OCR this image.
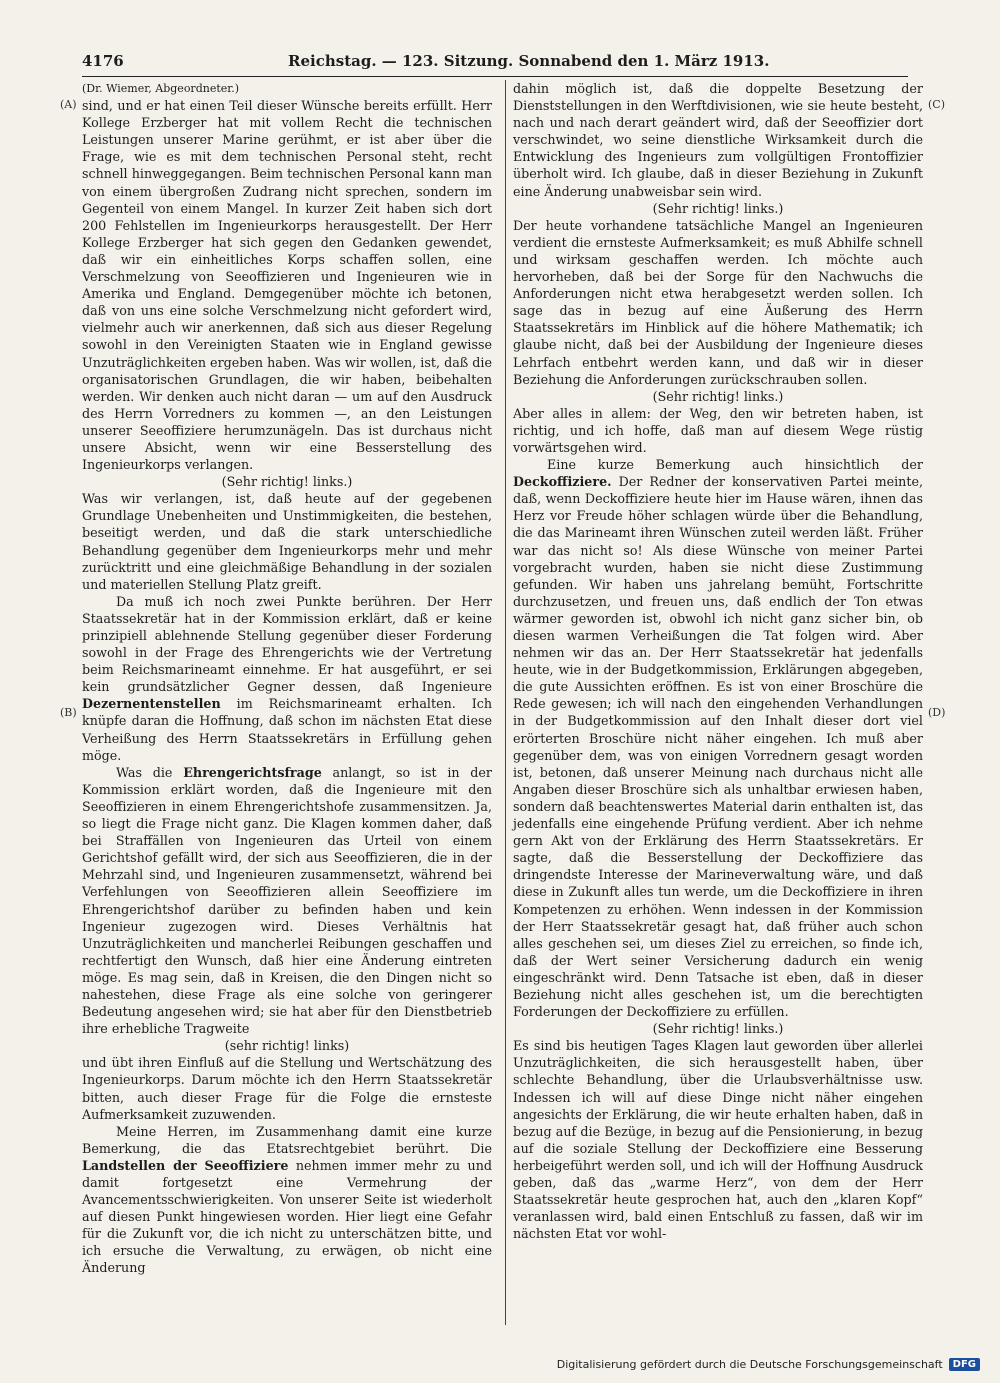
4176	Reichstag. — 123. Sitzung. Sonnabend den 1. März 1913.
(A)
(B)
(C)
(D)

(Dr. Wiemer, Abgeordneter.)

sind, und er hat einen Teil dieser Wünsche bereits erfüllt. Herr Kollege Erzberger hat mit vollem Recht die technischen Leistungen unserer Marine gerühmt, er ist aber über die Frage, wie es mit dem technischen Personal steht, recht schnell hinweggegangen. Beim technischen Personal kann man von einem übergroßen Zudrang nicht sprechen, sondern im Gegenteil von einem Mangel. In kurzer Zeit haben sich dort 200 Fehlstellen im Ingenieurkorps herausgestellt. Der Herr Kollege Erzberger hat sich gegen den Gedanken gewendet, daß wir ein einheitliches Korps schaffen sollen, eine Verschmelzung von Seeoffizieren und Ingenieuren wie in Amerika und England. Demgegenüber möchte ich betonen, daß von uns eine solche Verschmelzung nicht gefordert wird, vielmehr auch wir anerkennen, daß sich aus dieser Regelung sowohl in den Vereinigten Staaten wie in England gewisse Unzuträglichkeiten ergeben haben. Was wir wollen, ist, daß die organisatorischen Grundlagen, die wir haben, beibehalten werden. Wir denken auch nicht daran — um auf den Ausdruck des Herrn Vorredners zu kommen —, an den Leistungen unserer Seeoffiziere herumzunägeln. Das ist durchaus nicht unsere Absicht, wenn wir eine Besserstellung des Ingenieurkorps verlangen.

(Sehr richtig! links.)

Was wir verlangen, ist, daß heute auf der gegebenen Grundlage Unebenheiten und Unstimmigkeiten, die bestehen, beseitigt werden, und daß die stark unterschiedliche Behandlung gegenüber dem Ingenieurkorps mehr und mehr zurücktritt und eine gleichmäßige Behandlung in der sozialen und materiellen Stellung Platz greift.

Da muß ich noch zwei Punkte berühren. Der Herr Staatssekretär hat in der Kommission erklärt, daß er keine prinzipiell ablehnende Stellung gegenüber dieser Forderung sowohl in der Frage des Ehrengerichts wie der Vertretung beim Reichsmarineamt einnehme. Er hat ausgeführt, er sei kein grundsätzlicher Gegner dessen, daß Ingenieure Dezernentenstellen im Reichsmarineamt erhalten. Ich knüpfe daran die Hoffnung, daß schon im nächsten Etat diese Verheißung des Herrn Staatssekretärs in Erfüllung gehen möge.

Was die Ehrengerichtsfrage anlangt, so ist in der Kommission erklärt worden, daß die Ingenieure mit den Seeoffizieren in einem Ehrengerichtshofe zusammensitzen. Ja, so liegt die Frage nicht ganz. Die Klagen kommen daher, daß bei Straffällen von Ingenieuren das Urteil von einem Gerichtshof gefällt wird, der sich aus Seeoffizieren, die in der Mehrzahl sind, und Ingenieuren zusammensetzt, während bei Verfehlungen von Seeoffizieren allein Seeoffiziere im Ehrengerichtshof darüber zu befinden haben und kein Ingenieur zugezogen wird. Dieses Verhältnis hat Unzuträglichkeiten und mancherlei Reibungen geschaffen und rechtfertigt den Wunsch, daß hier eine Änderung eintreten möge. Es mag sein, daß in Kreisen, die den Dingen nicht so nahestehen, diese Frage als eine solche von geringerer Bedeutung angesehen wird; sie hat aber für den Dienstbetrieb ihre erhebliche Tragweite

(sehr richtig! links)

und übt ihren Einfluß auf die Stellung und Wertschätzung des Ingenieurkorps. Darum möchte ich den Herrn Staatssekretär bitten, auch dieser Frage für die Folge die ernsteste Aufmerksamkeit zuzuwenden.

Meine Herren, im Zusammenhang damit eine kurze Bemerkung, die das Etatsrechtgebiet berührt. Die Landstellen der Seeoffiziere nehmen immer mehr zu und damit fortgesetzt eine Vermehrung der Avancementsschwierigkeiten. Von unserer Seite ist wiederholt auf diesen Punkt hingewiesen worden. Hier liegt eine Gefahr für die Zukunft vor, die ich nicht zu unterschätzen bitte, und ich ersuche die Verwaltung, zu erwägen, ob nicht eine Änderung

dahin möglich ist, daß die doppelte Besetzung der Dienststellungen in den Werftdivisionen, wie sie heute besteht, nach und nach derart geändert wird, daß der Seeoffizier dort verschwindet, wo seine dienstliche Wirksamkeit durch die Entwicklung des Ingenieurs zum vollgültigen Frontoffizier überholt wird. Ich glaube, daß in dieser Beziehung in Zukunft eine Änderung unabweisbar sein wird.

(Sehr richtig! links.)

Der heute vorhandene tatsächliche Mangel an Ingenieuren verdient die ernsteste Aufmerksamkeit; es muß Abhilfe schnell und wirksam geschaffen werden. Ich möchte auch hervorheben, daß bei der Sorge für den Nachwuchs die Anforderungen nicht etwa herabgesetzt werden sollen. Ich sage das in bezug auf eine Äußerung des Herrn Staatssekretärs im Hinblick auf die höhere Mathematik; ich glaube nicht, daß bei der Ausbildung der Ingenieure dieses Lehrfach entbehrt werden kann, und daß wir in dieser Beziehung die Anforderungen zurückschrauben sollen.

(Sehr richtig! links.)

Aber alles in allem: der Weg, den wir betreten haben, ist richtig, und ich hoffe, daß man auf diesem Wege rüstig vorwärtsgehen wird.

Eine kurze Bemerkung auch hinsichtlich der Deckoffiziere. Der Redner der konservativen Partei meinte, daß, wenn Deckoffiziere heute hier im Hause wären, ihnen das Herz vor Freude höher schlagen würde über die Behandlung, die das Marineamt ihren Wünschen zuteil werden läßt. Früher war das nicht so! Als diese Wünsche von meiner Partei vorgebracht wurden, haben sie nicht diese Zustimmung gefunden. Wir haben uns jahrelang bemüht, Fortschritte durchzusetzen, und freuen uns, daß endlich der Ton etwas wärmer geworden ist, obwohl ich nicht ganz sicher bin, ob diesen warmen Verheißungen die Tat folgen wird. Aber nehmen wir das an. Der Herr Staatssekretär hat jedenfalls heute, wie in der Budgetkommission, Erklärungen abgegeben, die gute Aussichten eröffnen. Es ist von einer Broschüre die Rede gewesen; ich will nach den eingehenden Verhandlungen in der Budgetkommission auf den Inhalt dieser dort viel erörterten Broschüre nicht näher eingehen. Ich muß aber gegenüber dem, was von einigen Vorrednern gesagt worden ist, betonen, daß unserer Meinung nach durchaus nicht alle Angaben dieser Broschüre sich als unhaltbar erwiesen haben, sondern daß beachtenswertes Material darin enthalten ist, das jedenfalls eine eingehende Prüfung verdient. Aber ich nehme gern Akt von der Erklärung des Herrn Staatssekretärs. Er sagte, daß die Besserstellung der Deckoffiziere das dringendste Interesse der Marineverwaltung wäre, und daß diese in Zukunft alles tun werde, um die Deckoffiziere in ihren Kompetenzen zu erhöhen. Wenn indessen in der Kommission der Herr Staatssekretär gesagt hat, daß früher auch schon alles geschehen sei, um dieses Ziel zu erreichen, so finde ich, daß der Wert seiner Versicherung dadurch ein wenig eingeschränkt wird. Denn Tatsache ist eben, daß in dieser Beziehung nicht alles geschehen ist, um die berechtigten Forderungen der Deckoffiziere zu erfüllen.

(Sehr richtig! links.)

Es sind bis heutigen Tages Klagen laut geworden über allerlei Unzuträglichkeiten, die sich herausgestellt haben, über schlechte Behandlung, über die Urlaubsverhältnisse usw. Indessen ich will auf diese Dinge nicht näher eingehen angesichts der Erklärung, die wir heute erhalten haben, daß in bezug auf die Bezüge, in bezug auf die Pensionierung, in bezug auf die soziale Stellung der Deckoffiziere eine Besserung herbeigeführt werden soll, und ich will der Hoffnung Ausdruck geben, daß das „warme Herz“, von dem der Herr Staatssekretär heute gesprochen hat, auch den „klaren Kopf“ veranlassen wird, bald einen Entschluß zu fassen, daß wir im nächsten Etat vor wohl-

Digitalisierung gefördert durch die Deutsche Forschungsgemeinschaft	DFG
